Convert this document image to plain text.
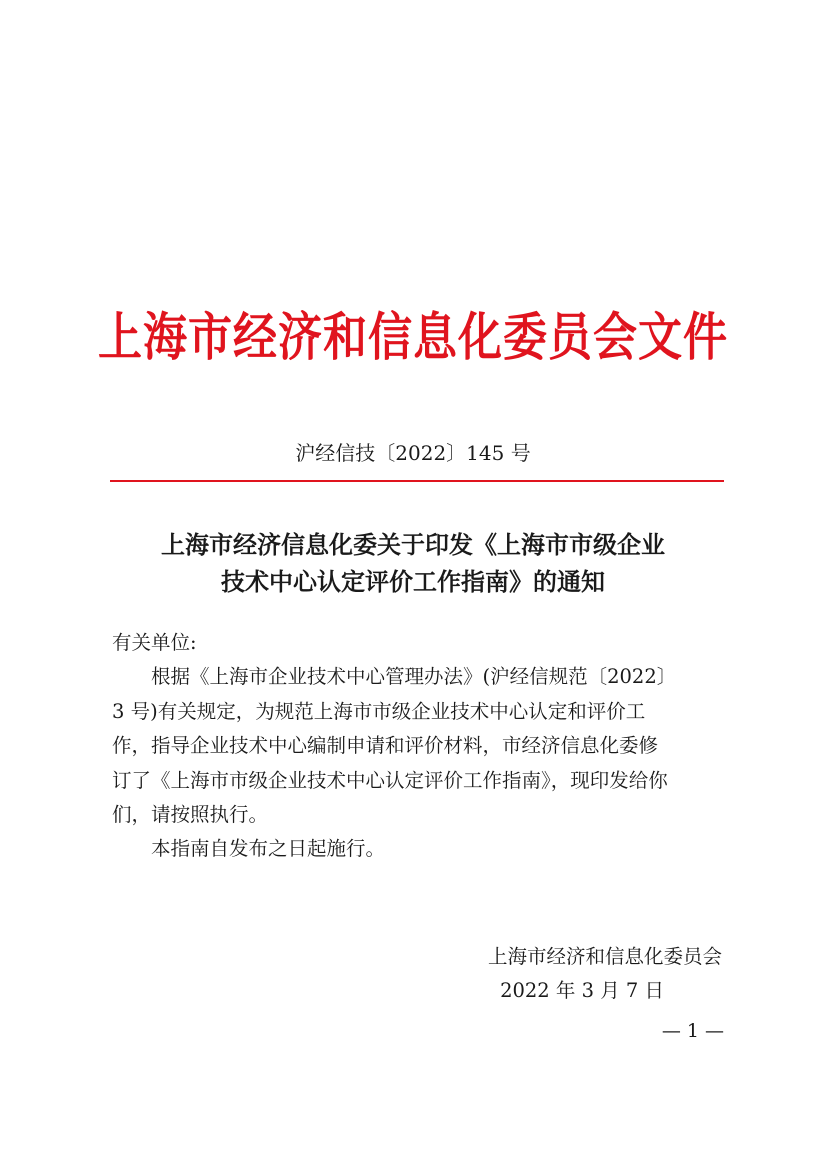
上海市经济和信息化委员会文件
沪经信技〔2022〕145 号
上海市经济信息化委关于印发《上海市市级企业
技术中心认定评价工作指南》的通知
有关单位:
根据《上海市企业技术中心管理办法》(沪经信规范〔2022〕
3 号)有关规定，为规范上海市市级企业技术中心认定和评价工
作，指导企业技术中心编制申请和评价材料，市经济信息化委修
订了《上海市市级企业技术中心认定评价工作指南》，现印发给你
们，请按照执行。
本指南自发布之日起施行。
上海市经济和信息化委员会
2022 年 3 月 7 日
— 1 —
